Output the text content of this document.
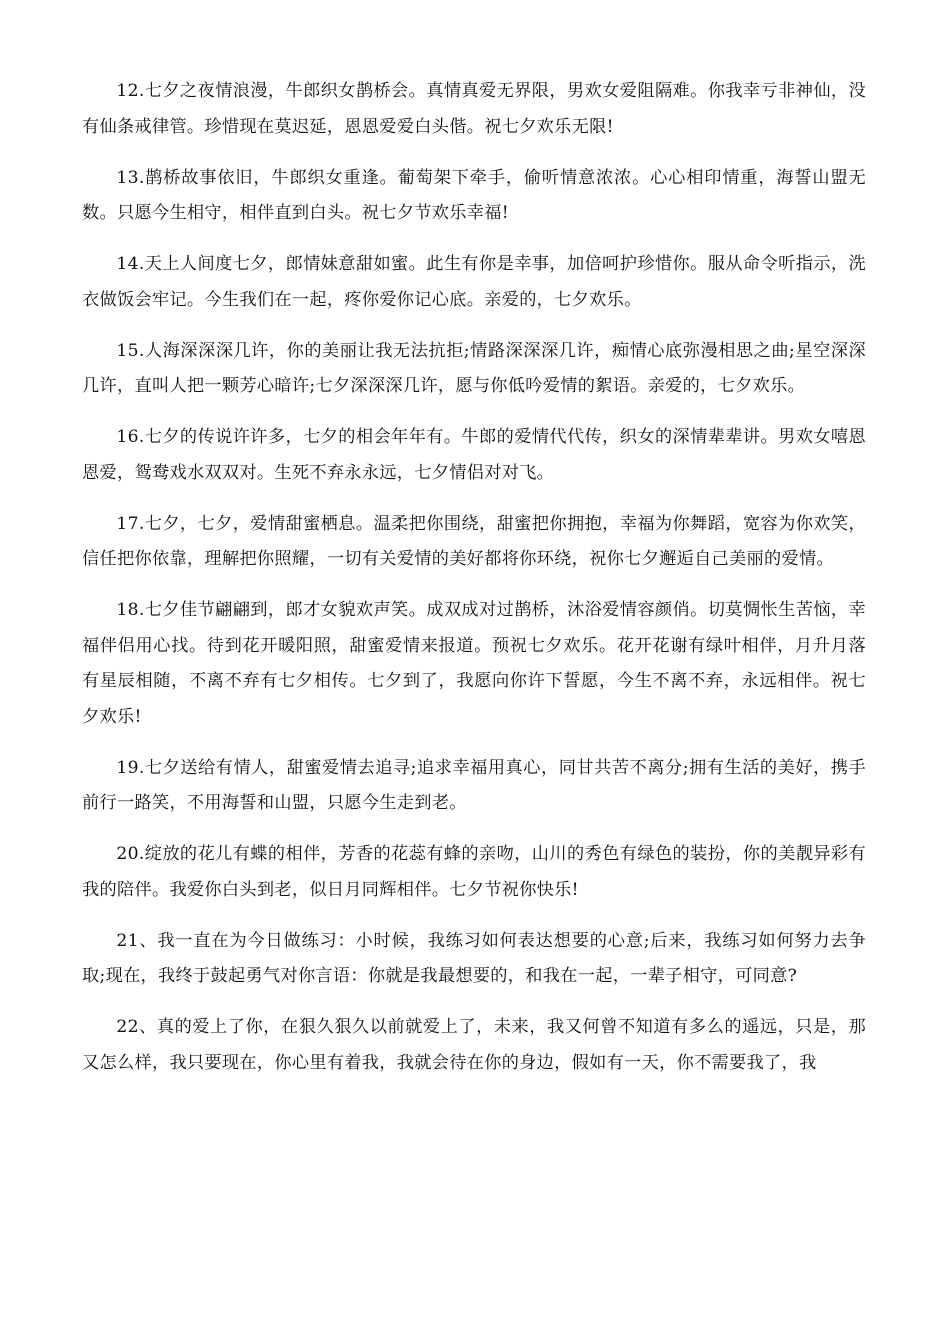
12.七夕之夜情浪漫，牛郎织女鹊桥会。真情真爱无界限，男欢女爱阻隔难。你我幸亏非神仙，没有仙条戒律管。珍惜现在莫迟延，恩恩爱爱白头偕。祝七夕欢乐无限!

13.鹊桥故事依旧，牛郎织女重逢。葡萄架下牵手，偷听情意浓浓。心心相印情重，海誓山盟无数。只愿今生相守，相伴直到白头。祝七夕节欢乐幸福!

14.天上人间度七夕，郎情妹意甜如蜜。此生有你是幸事，加倍呵护珍惜你。服从命令听指示，洗衣做饭会牢记。今生我们在一起，疼你爱你记心底。亲爱的，七夕欢乐。

15.人海深深深几许，你的美丽让我无法抗拒;情路深深深几许，痴情心底弥漫相思之曲;星空深深几许，直叫人把一颗芳心暗许;七夕深深深几许，愿与你低吟爱情的絮语。亲爱的，七夕欢乐。

16.七夕的传说许许多，七夕的相会年年有。牛郎的爱情代代传，织女的深情辈辈讲。男欢女嘻恩恩爱，鸳鸯戏水双双对。生死不弃永永远，七夕情侣对对飞。

17.七夕，七夕，爱情甜蜜栖息。温柔把你围绕，甜蜜把你拥抱，幸福为你舞蹈，宽容为你欢笑，信任把你依靠，理解把你照耀，一切有关爱情的美好都将你环绕，祝你七夕邂逅自己美丽的爱情。

18.七夕佳节翩翩到，郎才女貌欢声笑。成双成对过鹊桥，沐浴爱情容颜俏。切莫惆怅生苦恼，幸福伴侣用心找。待到花开暖阳照，甜蜜爱情来报道。预祝七夕欢乐。花开花谢有绿叶相伴，月升月落有星辰相随，不离不弃有七夕相传。七夕到了，我愿向你许下誓愿，今生不离不弃，永远相伴。祝七夕欢乐!

19.七夕送给有情人，甜蜜爱情去追寻;追求幸福用真心，同甘共苦不离分;拥有生活的美好，携手前行一路笑，不用海誓和山盟，只愿今生走到老。

20.绽放的花儿有蝶的相伴，芳香的花蕊有蜂的亲吻，山川的秀色有绿色的装扮，你的美靓异彩有我的陪伴。我爱你白头到老，似日月同辉相伴。七夕节祝你快乐!

21、我一直在为今日做练习：小时候，我练习如何表达想要的心意;后来，我练习如何努力去争取;现在，我终于鼓起勇气对你言语：你就是我最想要的，和我在一起，一辈子相守，可同意?

22、真的爱上了你，在狠久狠久以前就爱上了，未来，我又何曾不知道有多么的遥远，只是，那又怎么样，我只要现在，你心里有着我，我就会待在你的身边，假如有一天，你不需要我了，我
